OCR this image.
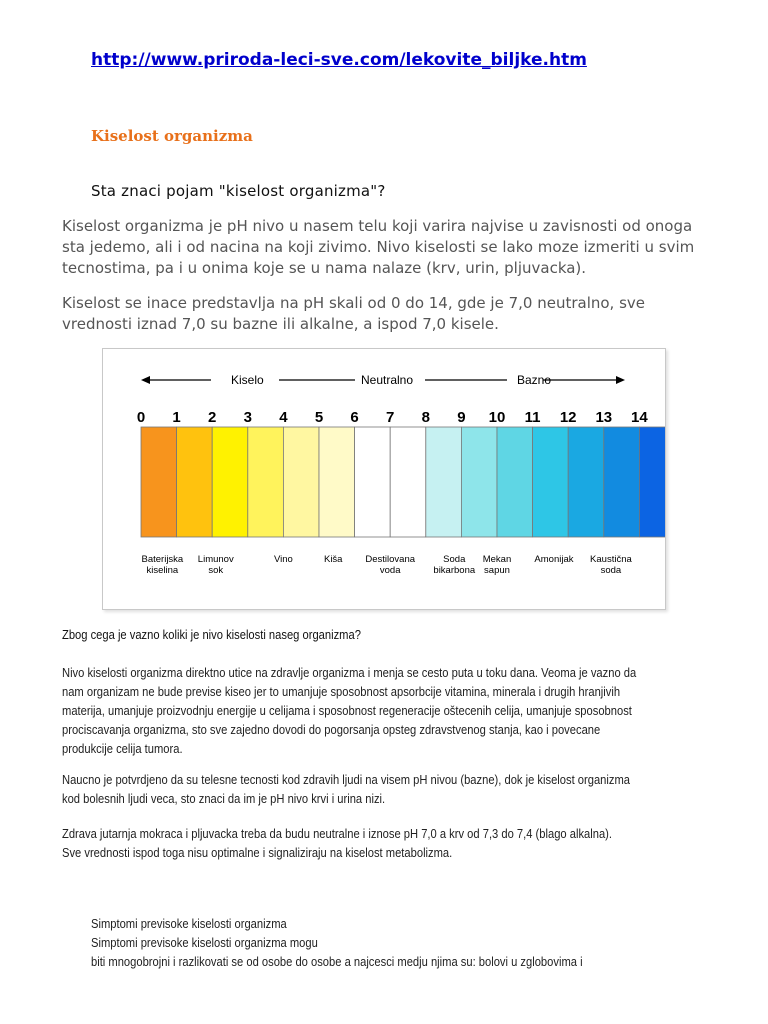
http://www.priroda-leci-sve.com/lekovite_biljke.htm
Kiselost organizma
Sta znaci pojam "kiselost organizma"?

Kiselost organizma je pH nivo u nasem telu koji varira najvise u zavisnosti od onoga sta jedemo, ali i od nacina na koji zivimo. Nivo kiselosti se lako moze izmeriti u svim tecnostima, pa i u onima koje se u nama nalaze (krv, urin, pljuvacka).

Kiselost se inace predstavlja na pH skali od 0 do 14, gde je 7,0 neutralno, sve vrednosti iznad 7,0 su bazne ili alkalne, a ispod 7,0 kisele.

Kiselo	Neutralno	Bazno
0 1 2 3 4 5 6 7 8 9 10 11 12 13 14
Baterijska kiselina
Limunov sok
Vino	Kiša Destilovana voda
Soda bikarbona
Mekan sapun
Amonijak Kaustična soda
Zbog cega je vazno koliki je nivo kiselosti naseg organizma?

Nivo kiselosti organizma direktno utice na zdravlje organizma i menja se cesto puta u toku dana. Veoma je vazno da

nam organizam ne bude previse kiseo jer to umanjuje sposobnost apsorbcije vitamina, minerala i drugih hranjivih

materija, umanjuje proizvodnju energije u celijama i sposobnost regeneracije oštecenih celija, umanjuje sposobnost

prociscavanja organizma, sto sve zajedno dovodi do pogorsanja opsteg zdravstvenog stanja, kao i povecane

produkcije celija tumora.

Naucno je potvrdjeno da su telesne tecnosti kod zdravih ljudi na visem pH nivou (bazne), dok je kiselost organizma

kod bolesnih ljudi veca, sto znaci da im je pH nivo krvi i urina nizi.

Zdrava jutarnja mokraca i pljuvacka treba da budu neutralne i iznose pH 7,0 a krv od 7,3 do 7,4 (blago alkalna).

Sve vrednosti ispod toga nisu optimalne i signaliziraju na kiselost metabolizma.

Simptomi previsoke kiselosti organizma

Simptomi previsoke kiselosti organizma mogu

biti mnogobrojni i razlikovati se od osobe do osobe a najcesci medju njima su: bolovi u zglobovima i
